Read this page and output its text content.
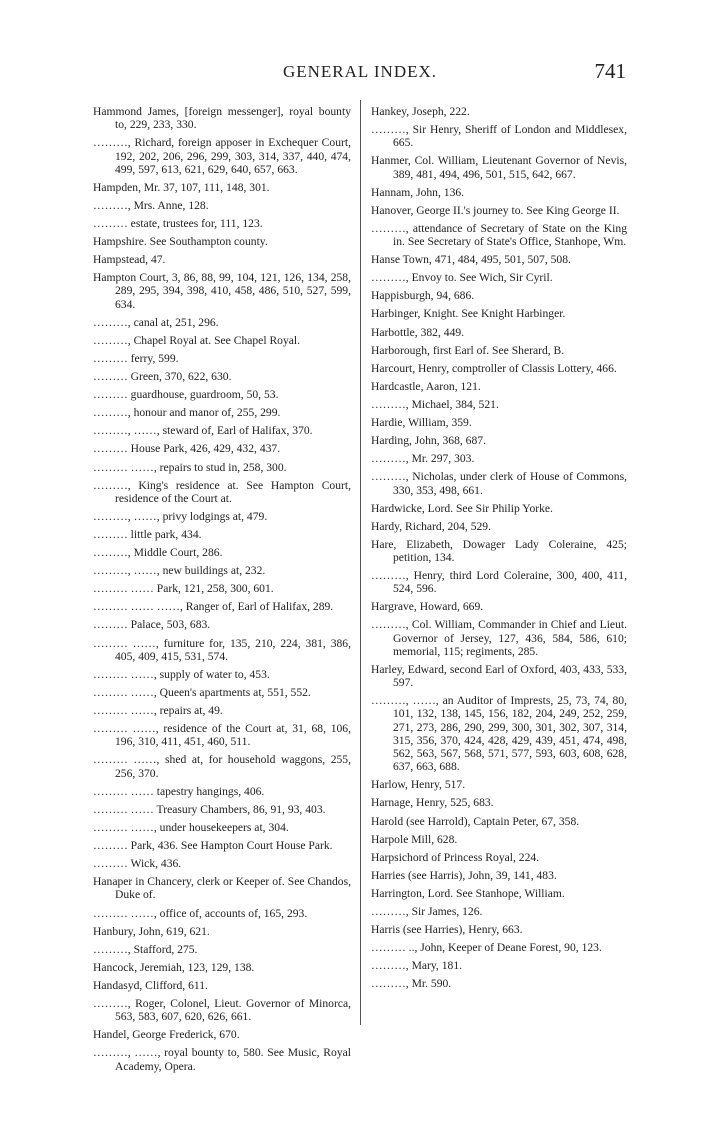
GENERAL INDEX.	741
Hammond James, [foreign messenger], royal bounty to, 229, 233, 330.
………, Richard, foreign apposer in Exchequer Court, 192, 202, 206, 296, 299, 303, 314, 337, 440, 474, 499, 597, 613, 621, 629, 640, 657, 663.
Hampden, Mr. 37, 107, 111, 148, 301.
………, Mrs. Anne, 128.
……… estate, trustees for, 111, 123.
Hampshire. See Southampton county.
Hampstead, 47.
Hampton Court, 3, 86, 88, 99, 104, 121, 126, 134, 258, 289, 295, 394, 398, 410, 458, 486, 510, 527, 599, 634.
………, canal at, 251, 296.
………, Chapel Royal at. See Chapel Royal.
……… ferry, 599.
……… Green, 370, 622, 630.
……… guardhouse, guardroom, 50, 53.
………, honour and manor of, 255, 299.
………, ……, steward of, Earl of Halifax, 370.
……… House Park, 426, 429, 432, 437.
……… ……, repairs to stud in, 258, 300.
………, King's residence at. See Hampton Court, residence of the Court at.
………, ……, privy lodgings at, 479.
……… little park, 434.
………, Middle Court, 286.
………, ……, new buildings at, 232.
……… …… Park, 121, 258, 300, 601.
……… …… ……, Ranger of, Earl of Halifax, 289.
……… Palace, 503, 683.
……… ……, furniture for, 135, 210, 224, 381, 386, 405, 409, 415, 531, 574.
……… ……, supply of water to, 453.
……… ……, Queen's apartments at, 551, 552.
……… ……, repairs at, 49.
……… ……, residence of the Court at, 31, 68, 106, 196, 310, 411, 451, 460, 511.
……… ……, shed at, for household waggons, 255, 256, 370.
……… …… tapestry hangings, 406.
……… …… Treasury Chambers, 86, 91, 93, 403.
……… ……, under housekeepers at, 304.
……… Park, 436. See Hampton Court House Park.
……… Wick, 436.
Hanaper in Chancery, clerk or Keeper of. See Chandos, Duke of.
……… ……, office of, accounts of, 165, 293.
Hanbury, John, 619, 621.
………, Stafford, 275.
Hancock, Jeremiah, 123, 129, 138.
Handasyd, Clifford, 611.
………, Roger, Colonel, Lieut. Governor of Minorca, 563, 583, 607, 620, 626, 661.
Handel, George Frederick, 670.
………, ……, royal bounty to, 580. See Music, Royal Academy, Opera.
Hankey, Joseph, 222.
………, Sir Henry, Sheriff of London and Middlesex, 665.
Hanmer, Col. William, Lieutenant Governor of Nevis, 389, 481, 494, 496, 501, 515, 642, 667.
Hannam, John, 136.
Hanover, George II.'s journey to. See King George II.
………, attendance of Secretary of State on the King in. See Secretary of State's Office, Stanhope, Wm.
Hanse Town, 471, 484, 495, 501, 507, 508.
………, Envoy to. See Wich, Sir Cyril.
Happisburgh, 94, 686.
Harbinger, Knight. See Knight Harbinger.
Harbottle, 382, 449.
Harborough, first Earl of. See Sherard, B.
Harcourt, Henry, comptroller of Classis Lottery, 466.
Hardcastle, Aaron, 121.
………, Michael, 384, 521.
Hardie, William, 359.
Harding, John, 368, 687.
………, Mr. 297, 303.
………, Nicholas, under clerk of House of Commons, 330, 353, 498, 661.
Hardwicke, Lord. See Sir Philip Yorke.
Hardy, Richard, 204, 529.
Hare, Elizabeth, Dowager Lady Coleraine, 425; petition, 134.
………, Henry, third Lord Coleraine, 300, 400, 411, 524, 596.
Hargrave, Howard, 669.
………, Col. William, Commander in Chief and Lieut. Governor of Jersey, 127, 436, 584, 586, 610; memorial, 115; regiments, 285.
Harley, Edward, second Earl of Oxford, 403, 433, 533, 597.
………, ……, an Auditor of Imprests, 25, 73, 74, 80, 101, 132, 138, 145, 156, 182, 204, 249, 252, 259, 271, 273, 286, 290, 299, 300, 301, 302, 307, 314, 315, 356, 370, 424, 428, 429, 439, 451, 474, 498, 562, 563, 567, 568, 571, 577, 593, 603, 608, 628, 637, 663, 688.
Harlow, Henry, 517.
Harnage, Henry, 525, 683.
Harold (see Harrold), Captain Peter, 67, 358.
Harpole Mill, 628.
Harpsichord of Princess Royal, 224.
Harries (see Harris), John, 39, 141, 483.
Harrington, Lord. See Stanhope, William.
………, Sir James, 126.
Harris (see Harries), Henry, 663.
……… .., John, Keeper of Deane Forest, 90, 123.
………, Mary, 181.
………, Mr. 590.
